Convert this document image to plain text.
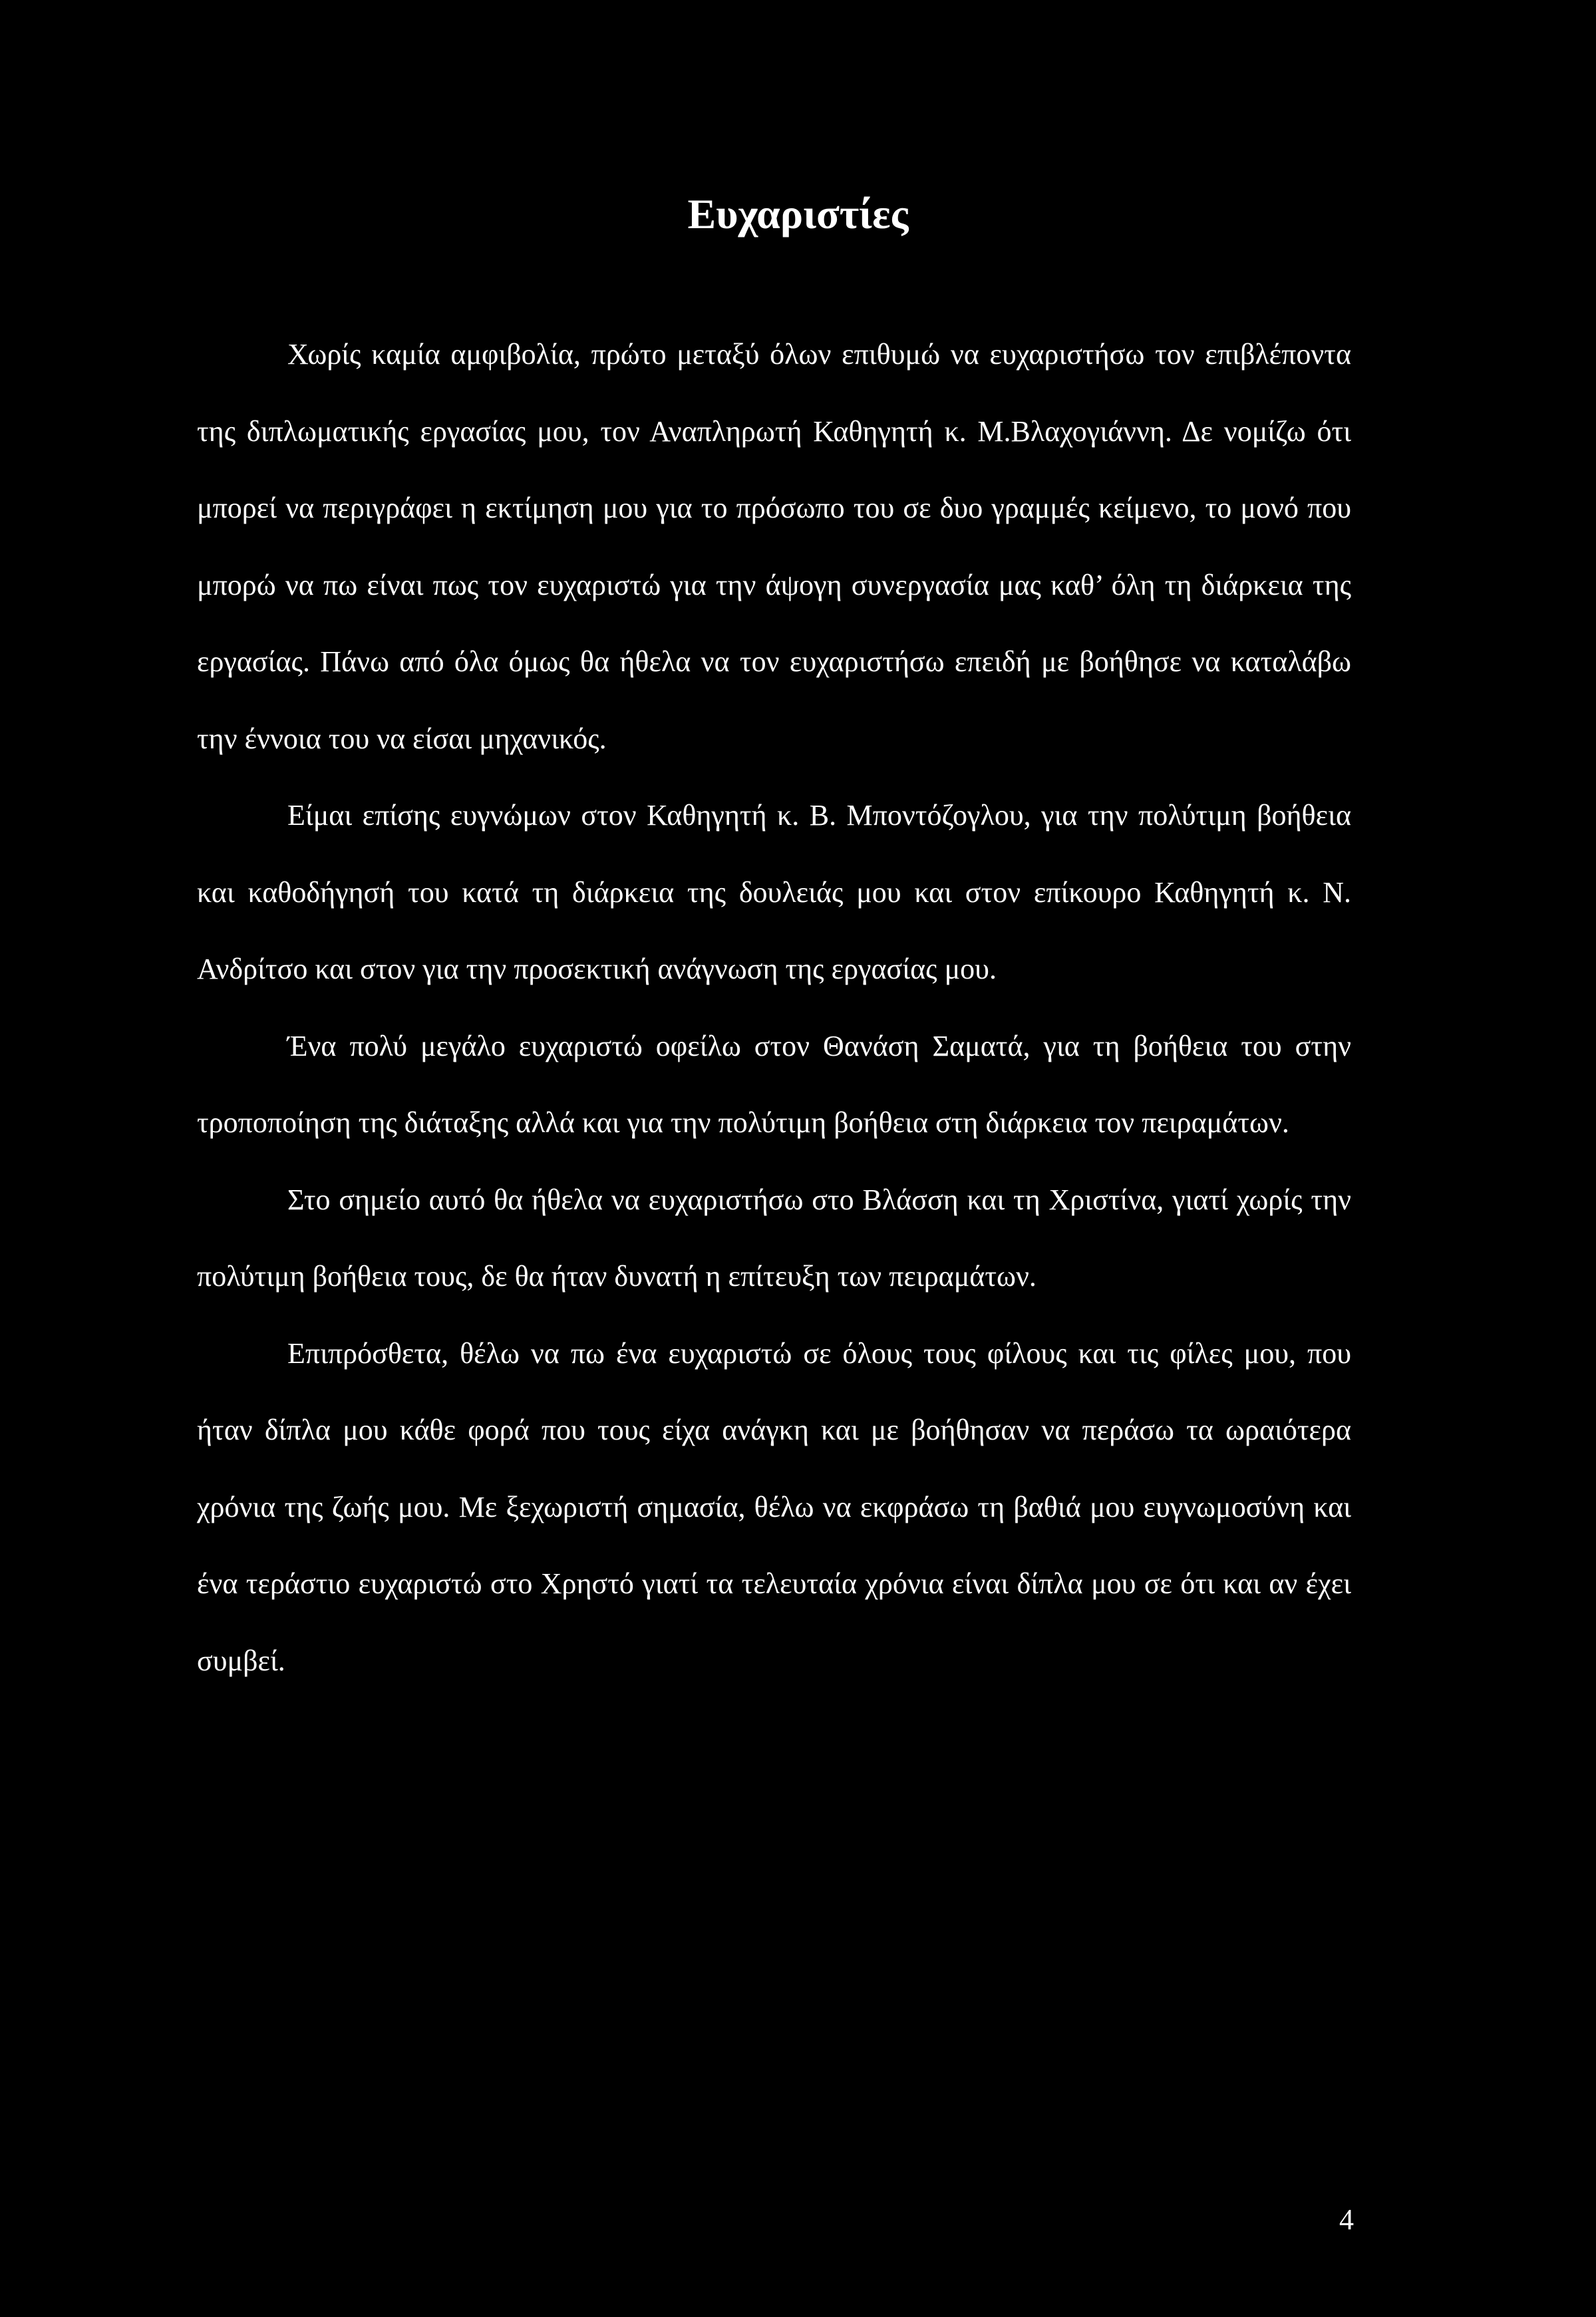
Ευχαριστίες

Χωρίς καμία αμφιβολία, πρώτο μεταξύ όλων επιθυμώ να ευχαριστήσω τον επιβλέποντα της διπλωματικής εργασίας μου, τον Αναπληρωτή Καθηγητή κ. Μ.Βλαχογιάννη. Δε νομίζω ότι μπορεί να περιγράφει η εκτίμηση μου για το πρόσωπο του σε δυο γραμμές κείμενο, το μονό που μπορώ να πω είναι πως τον ευχαριστώ για την άψογη συνεργασία μας καθ’ όλη τη διάρκεια της εργασίας. Πάνω από όλα όμως θα ήθελα να τον ευχαριστήσω επειδή με βοήθησε να καταλάβω την έννοια του να είσαι μηχανικός.

Είμαι επίσης ευγνώμων στον Καθηγητή κ. Β. Μποντόζογλου, για την πολύτιμη βοήθεια και καθοδήγησή του κατά τη διάρκεια της δουλειάς μου και στον επίκουρο Καθηγητή κ. Ν. Ανδρίτσο και στον για την προσεκτική ανάγνωση της εργασίας μου.

Ένα πολύ μεγάλο ευχαριστώ οφείλω στον Θανάση Σαματά, για τη βοήθεια του στην τροποποίηση της διάταξης αλλά και για την πολύτιμη βοήθεια στη διάρκεια τον πειραμάτων.

Στο σημείο αυτό θα ήθελα να ευχαριστήσω στο Βλάσση και τη Χριστίνα, γιατί χωρίς την πολύτιμη βοήθεια τους, δε θα ήταν δυνατή η επίτευξη των πειραμάτων.

Επιπρόσθετα, θέλω να πω ένα ευχαριστώ σε όλους τους φίλους και τις φίλες μου, που ήταν δίπλα μου κάθε φορά που τους είχα ανάγκη και με βοήθησαν να περάσω τα ωραιότερα χρόνια της ζωής μου. Με ξεχωριστή σημασία, θέλω να εκφράσω τη βαθιά μου ευγνωμοσύνη και ένα τεράστιο ευχαριστώ στο Χρηστό γιατί τα τελευταία χρόνια είναι δίπλα μου σε ότι και αν έχει συμβεί.

4
